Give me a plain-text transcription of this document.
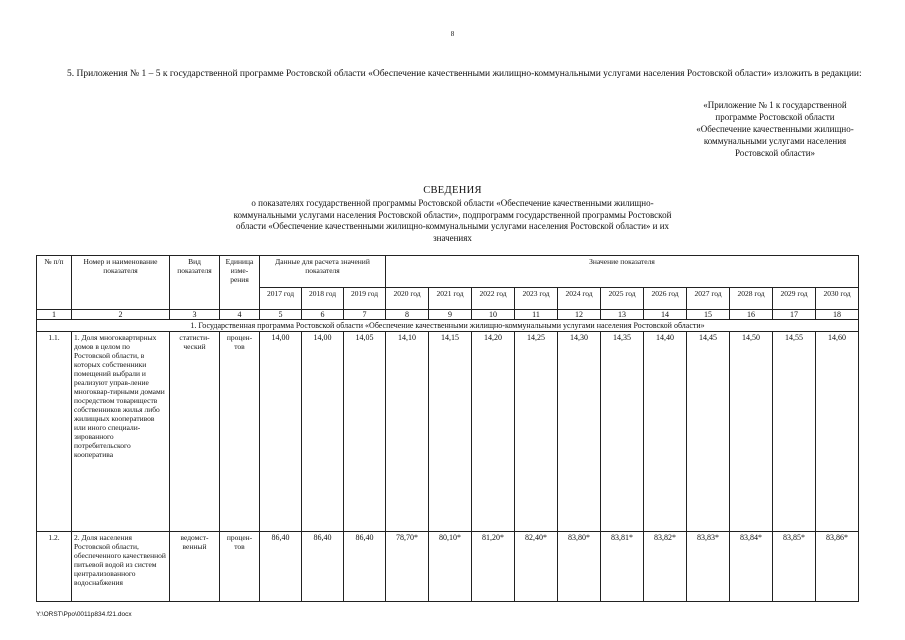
8

5. Приложения № 1 – 5 к государственной программе Ростовской области «Обеспечение качественными жилищно-коммунальными услугами населения Ростовской области» изложить в редакции:

«Приложение № 1 к государственной программе Ростовской области «Обеспечение качественными жилищно-коммунальными услугами населения Ростовской области»
СВЕДЕНИЯ
о показателях государственной программы Ростовской области «Обеспечение качественными жилищно-коммунальными услугами населения Ростовской области», подпрограмм государственной программы Ростовской области «Обеспечение качественными жилищно-коммунальными услугами населения Ростовской области» и их значениях
№ п/п	Номер и наименование показателя	Вид показателя	Единица изме-рения	Данные для расчета значений показателя			Значение показателя										
				2017 год	2018 год	2019 год	2020 год	2021 год	2022 год	2023 год	2024 год	2025 год	2026 год	2027 год	2028 год	2029 год	2030 год
1	2	3	4	5	6	7	8	9	10	11	12	13	14	15	16	17	18
1. Государственная программа Ростовской области «Обеспечение качественными жилищно-коммунальными услугами населения Ростовской области»																	
1.1.	1. Доля многоквартирных домов в целом по Ростовской области, в которых собственники помещений выбрали и реализуют управ-ление многоквар-тирными домами посредством товариществ собственников жилья либо жилищных кооперативов или иного специали-зированного потребительского кооператива	статисти-ческий	процен-тов	14,00	14,00	14,05	14,10	14,15	14,20	14,25	14,30	14,35	14,40	14,45	14,50	14,55	14,60
1.2.	2. Доля населения Ростовской области, обеспеченного качественной питьевой водой из систем централизованного водоснабжения	ведомст-венный	процен-тов	86,40	86,40	86,40	78,70*	80,10*	81,20*	82,40*	83,80*	83,81*	83,82*	83,83*	83,84*	83,85*	83,86*
Y:\ORST\Ppo\0011p834.f21.docx
